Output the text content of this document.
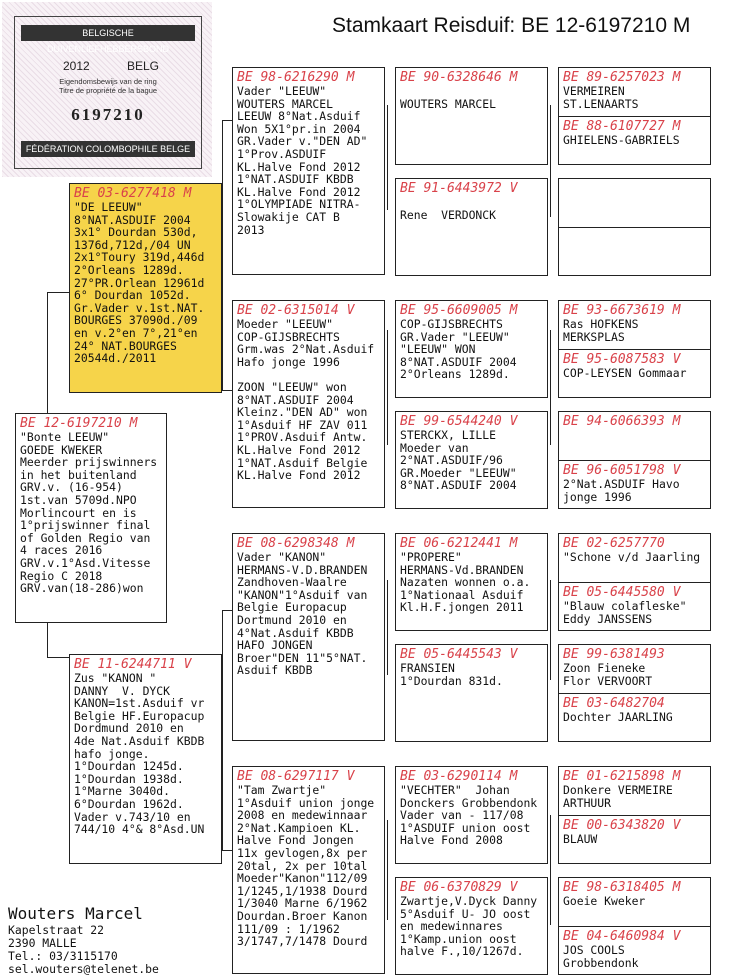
Stamkaart Reisduif: BE 12-6197210 M
BELGISCHE DUIVENLIEFHEBBERSBOND
2012	BELG
Eigendomsbewijs van de ring
Titre de propriété de la bague
6197210
FÉDÉRATION COLOMBOPHILE BELGE
BE 03-6277418 M
"DE LEEUW"
8°NAT.ASDUIF 2004
3x1° Dourdan 530d,
1376d,712d,/04 UN
2x1°Toury 319d,446d
2°Orleans 1289d.
27°PR.Orlean 12961d
6° Dourdan 1052d.
Gr.Vader v.1st.NAT.
BOURGES 37090d./09
en v.2°en 7°,21°en
24° NAT.BOURGES
20544d./2011
BE 12-6197210 M
"Bonte LEEUW"
GOEDE KWEKER
Meerder prijswinners
in het buitenland
GRV.v. (16-954)
1st.van 5709d.NPO
Morlincourt en is
1°prijswinner final
of Golden Regio van
4 races 2016
GRV.v.1°Asd.Vitesse
Regio C 2018
GRV.van(18-286)won
BE 11-6244711 V
Zus "KANON "
DANNY  V. DYCK
KANON=1st.Asduif vr
Belgie HF.Europacup
Dordmund 2010 en
4de Nat.Asduif KBDB
hafo jonge.
1°Dourdan 1245d.
1°Dourdan 1938d.
1°Marne 3040d.
6°Dourdan 1962d.
Vader v.743/10 en
744/10 4°& 8°Asd.UN
BE 98-6216290 M
Vader "LEEUW"
WOUTERS MARCEL
LEEUW 8°Nat.Asduif
Won 5X1°pr.in 2004
GR.Vader v."DEN AD"
1°Prov.ASDUIF
KL.Halve Fond 2012
1°NAT.ASDUIF KBDB
KL.Halve Fond 2012
1°OLYMPIADE NITRA-
Slowakije CAT B
2013
BE 02-6315014 V
Moeder "LEEUW"
COP-GIJSBRECHTS
Grm.was 2°Nat.Asduif
Hafo jonge 1996

ZOON "LEEUW" won
8°NAT.ASDUIF 2004
Kleinz."DEN AD" won
1°Asduif HF ZAV 011
1°PROV.Asduif Antw.
KL.Halve Fond 2012
1°NAT.Asduif Belgie
KL.Halve Fond 2012
BE 08-6298348 M
Vader "KANON"
HERMANS-V.D.BRANDEN
Zandhoven-Waalre
"KANON"1°Asduif van
Belgie Europacup
Dortmund 2010 en
4°Nat.Asduif KBDB
HAFO JONGEN
Broer"DEN 11"5°NAT.
Asduif KBDB
BE 08-6297117 V
"Tam Zwartje"
1°Asduif union jonge
2008 en medewinnaar
2°Nat.Kampioen KL.
Halve Fond Jongen
11x gevlogen,8x per
20tal, 2x per 10tal
Moeder"Kanon"112/09
1/1245,1/1938 Dourd
1/3040 Marne 6/1962
Dourdan.Broer Kanon
111/09 : 1/1962
3/1747,7/1478 Dourd
BE 90-6328646 M

WOUTERS MARCEL
BE 91-6443972 V

Rene  VERDONCK
BE 95-6609005 M
COP-GIJSBRECHTS
GR.Vader "LEEUW"
"LEEUW" WON
8°NAT.ASDUIF 2004
2°Orleans 1289d.
BE 99-6544240 V
STERCKX, LILLE
Moeder van
2°NAT.ASDUIF/96
GR.Moeder "LEEUW"
8°NAT.ASDUIF 2004
BE 06-6212441 M
"PROPERE"
HERMANS-Vd.BRANDEN
Nazaten wonnen o.a.
1°Nationaal Asduif
Kl.H.F.jongen 2011
BE 05-6445543 V
FRANSIEN
1°Dourdan 831d.
BE 03-6290114 M
"VECHTER"  Johan
Donckers Grobbendonk
Vader van - 117/08
1°ASDUIF union oost
Halve Fond 2008
BE 06-6370829 V
Zwartje,V.Dyck Danny
5°Asduif U- JO oost
en medewinnares
1°Kamp.union oost
halve F.,10/1267d.
BE 89-6257023 M
VERMEIREN
ST.LENAARTS
BE 88-6107727 M
GHIELENS-GABRIELS
BE 93-6673619 M
Ras HOFKENS
MERKSPLAS
BE 95-6087583 V
COP-LEYSEN Gommaar
BE 94-6066393 M
BE 96-6051798 V
2°Nat.ASDUIF Havo
jonge 1996
BE 02-6257770
"Schone v/d Jaarling
BE 05-6445580 V
"Blauw colafleske"
Eddy JANSSENS
BE 99-6381493
Zoon Fieneke
Flor VERVOORT
BE 03-6482704
Dochter JAARLING
BE 01-6215898 M
Donkere VERMEIRE
ARTHUUR
BE 00-6343820 V
BLAUW
BE 98-6318405 M
Goeie Kweker
BE 04-6460984 V
JOS COOLS
Grobbendonk
Wouters Marcel
Kapelstraat 22
2390 MALLE
Tel.: 03/3115170
sel.wouters@telenet.be
